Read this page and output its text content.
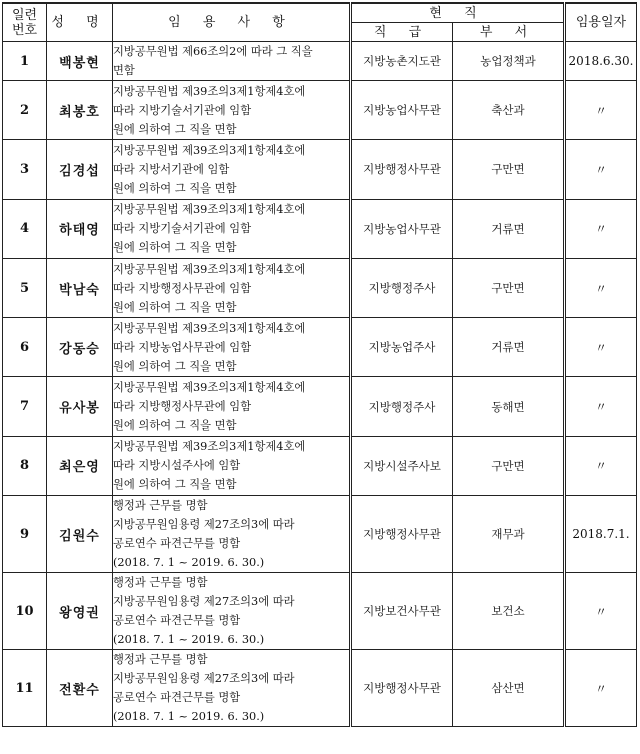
일련
번호	성 명	임 용 사 항	현 직		임용일자
			직 급	부 서	
1	백봉현	지방공무원법 제66조의2에 따라 그 직을
면함	지방농촌지도관	농업정책과	2018.6.30.
2	최봉호	지방공무원법 제39조의3제1항제4호에
따라 지방기술서기관에 임함
원에 의하여 그 직을 면함	지방농업사무관	축산과	〃
3	김경섭	지방공무원법 제39조의3제1항제4호에
따라 지방서기관에 임함
원에 의하여 그 직을 면함	지방행정사무관	구만면	〃
4	하태영	지방공무원법 제39조의3제1항제4호에
따라 지방기술서기관에 임함
원에 의하여 그 직을 면함	지방농업사무관	거류면	〃
5	박남숙	지방공무원법 제39조의3제1항제4호에
따라 지방행정사무관에 임함
원에 의하여 그 직을 면함	지방행정주사	구만면	〃
6	강동승	지방공무원법 제39조의3제1항제4호에
따라 지방농업사무관에 임함
원에 의하여 그 직을 면함	지방농업주사	거류면	〃
7	유사봉	지방공무원법 제39조의3제1항제4호에
따라 지방행정사무관에 임함
원에 의하여 그 직을 면함	지방행정주사	동해면	〃
8	최은영	지방공무원법 제39조의3제1항제4호에
따라 지방시설주사에 임함
원에 의하여 그 직을 면함	지방시설주사보	구만면	〃
9	김원수	행정과 근무를 명함
지방공무원임용령 제27조의3에 따라
공로연수 파견근무를 명함
(2018. 7. 1 ~ 2019. 6. 30.)	지방행정사무관	재무과	2018.7.1.
10	왕영권	행정과 근무를 명함
지방공무원임용령 제27조의3에 따라
공로연수 파견근무를 명함
(2018. 7. 1 ~ 2019. 6. 30.)	지방보건사무관	보건소	〃
11	전환수	행정과 근무를 명함
지방공무원임용령 제27조의3에 따라
공로연수 파견근무를 명함
(2018. 7. 1 ~ 2019. 6. 30.)	지방행정사무관	삼산면	〃
